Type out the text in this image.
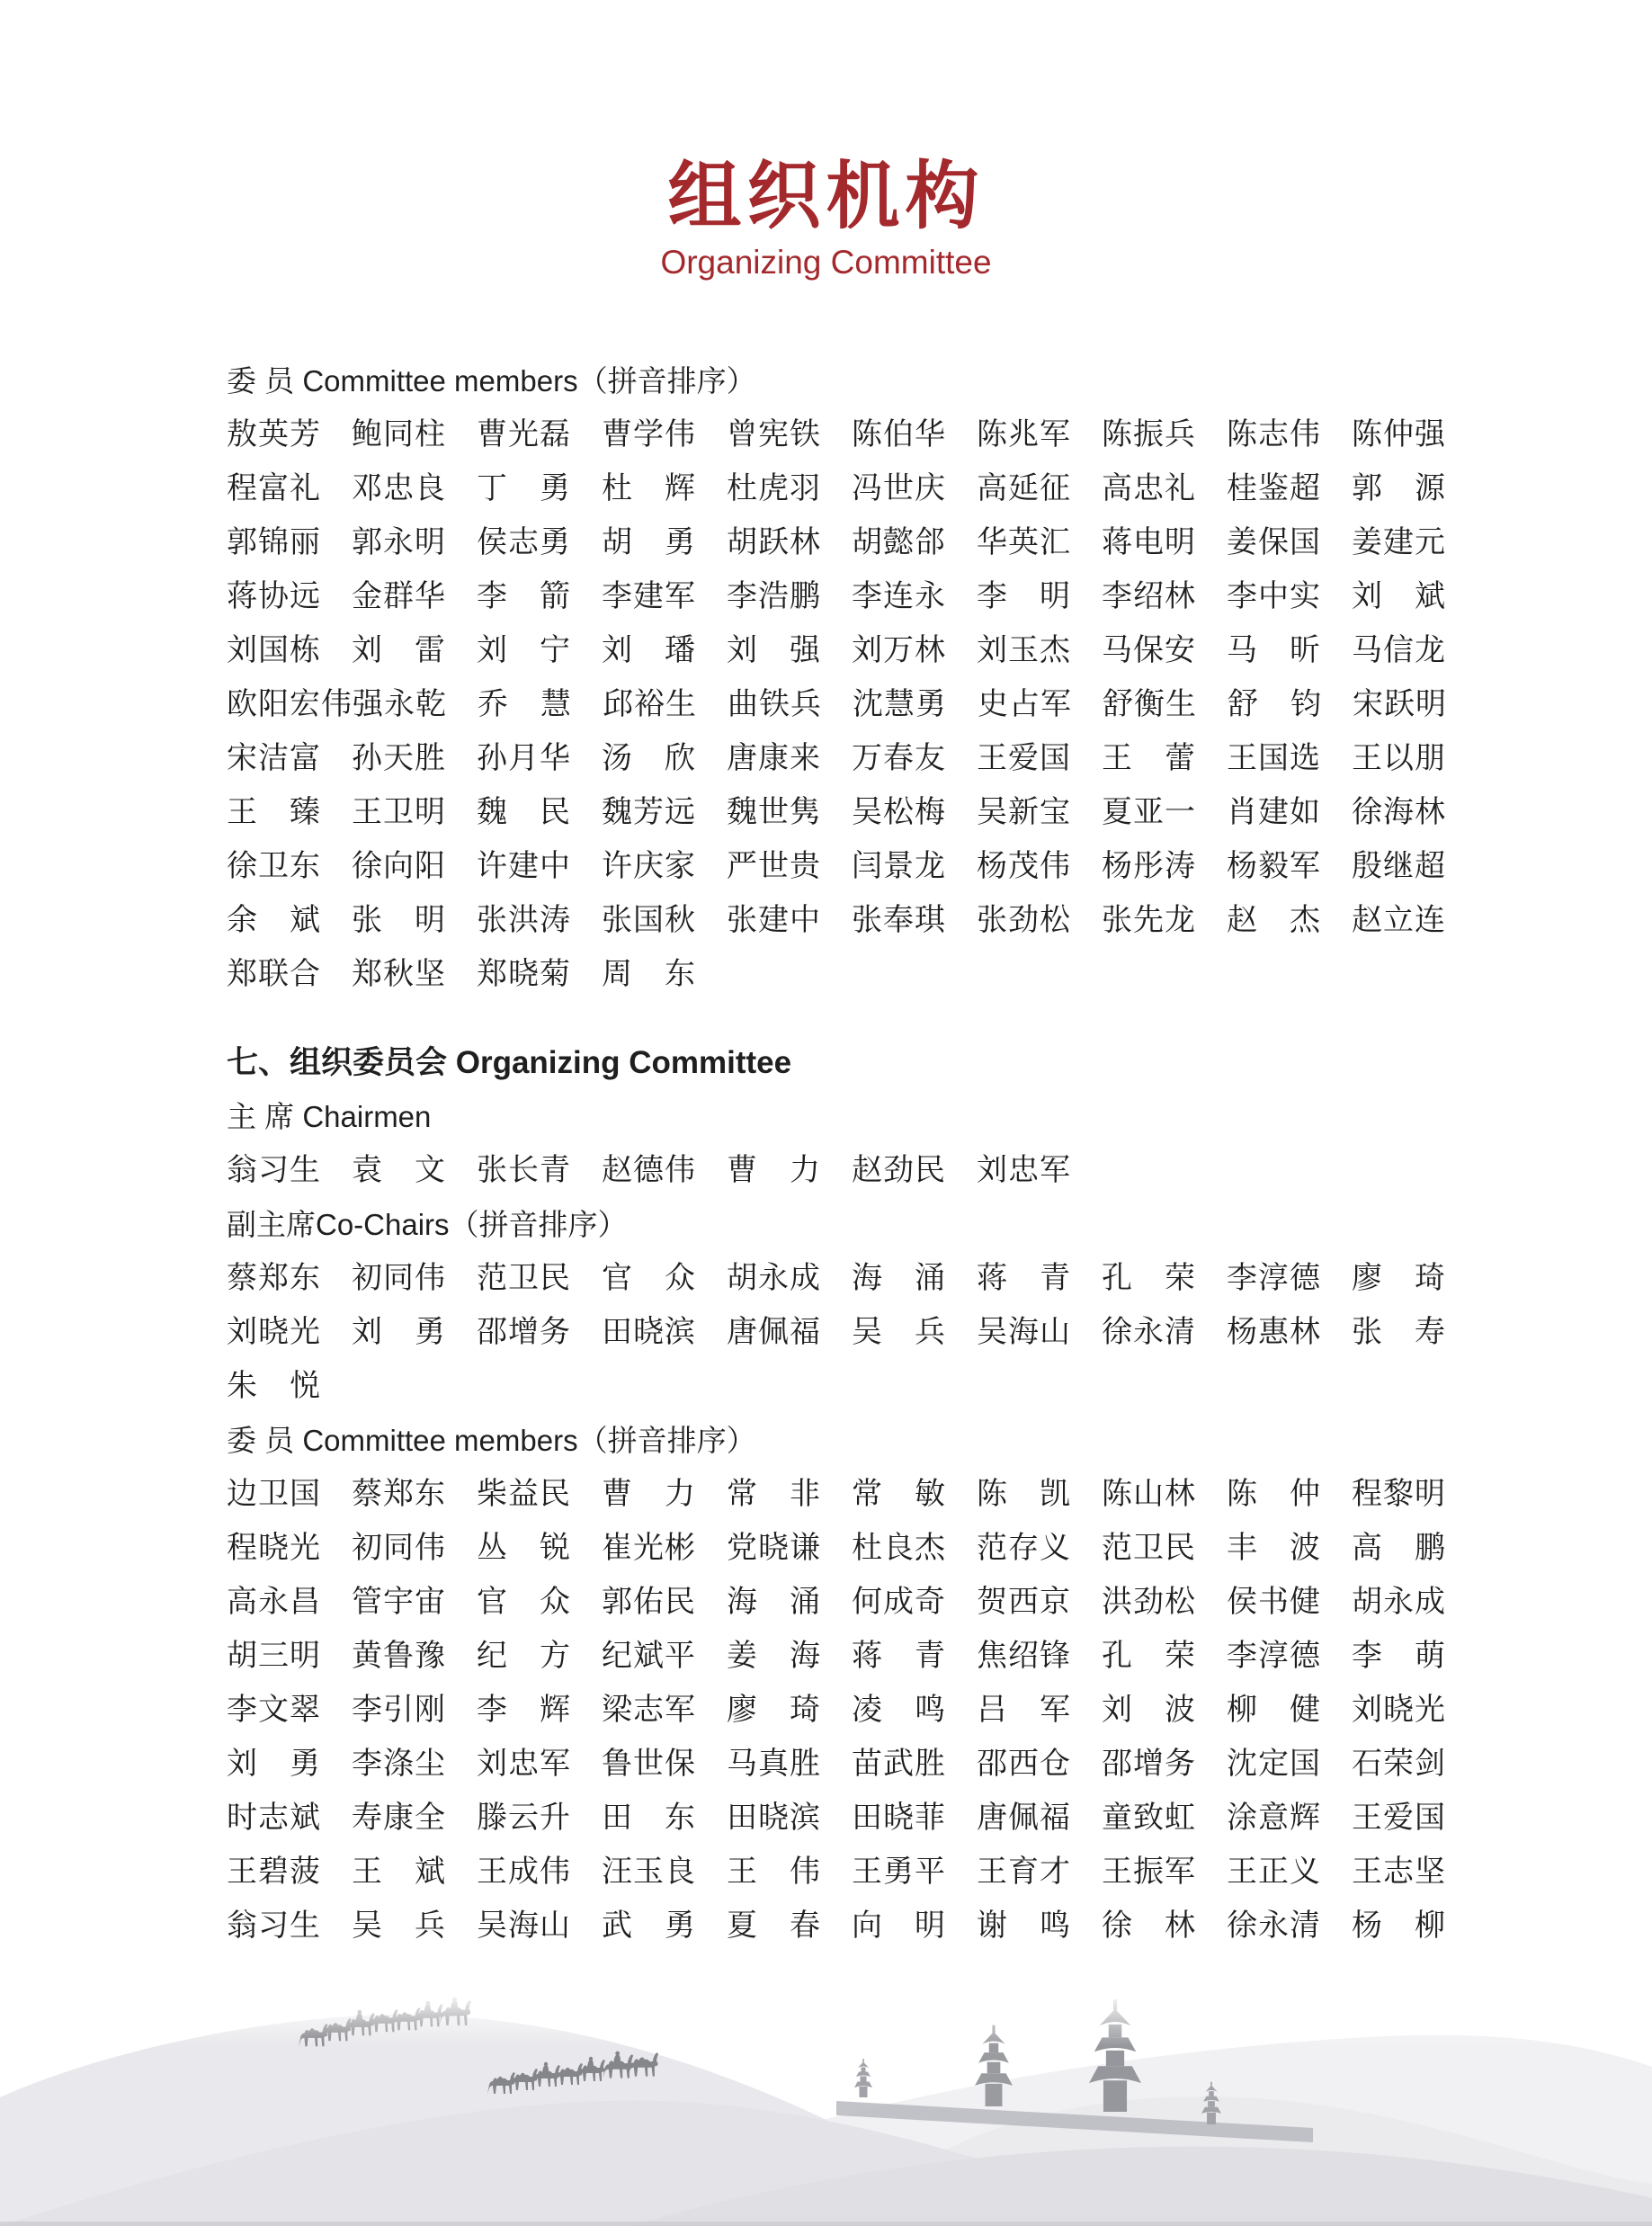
组织机构
Organizing Committee
委 员 Committee members（拼音排序）
敖英芳 鲍同柱 曹光磊 曹学伟 曾宪铁 陈伯华 陈兆军 陈振兵 陈志伟 陈仲强
程富礼 邓忠良 丁　勇 杜　辉 杜虎羽 冯世庆 高延征 高忠礼 桂鉴超 郭　源
郭锦丽 郭永明 侯志勇 胡　勇 胡跃林 胡懿郃 华英汇 蒋电明 姜保国 姜建元
蒋协远 金群华 李　箭 李建军 李浩鹏 李连永 李　明 李绍林 李中实 刘　斌
刘国栋 刘　雷 刘　宁 刘　璠 刘　强 刘万林 刘玉杰 马保安 马　昕 马信龙
欧阳宏伟强永乾 乔　慧 邱裕生 曲铁兵 沈慧勇 史占军 舒衡生 舒　钧 宋跃明
宋洁富 孙天胜 孙月华 汤　欣 唐康来 万春友 王爱国 王　蕾 王国选 王以朋
王　臻 王卫明 魏　民 魏芳远 魏世隽 吴松梅 吴新宝 夏亚一 肖建如 徐海林
徐卫东 徐向阳 许建中 许庆家 严世贵 闫景龙 杨茂伟 杨彤涛 杨毅军 殷继超
余　斌 张　明 张洪涛 张国秋 张建中 张奉琪 张劲松 张先龙 赵　杰 赵立连
郑联合 郑秋坚 郑晓菊 周　东
七、组织委员会 Organizing Committee
主 席 Chairmen
翁习生 袁　文 张长青 赵德伟 曹　力 赵劲民 刘忠军
副主席Co-Chairs（拼音排序）
蔡郑东 初同伟 范卫民 官　众 胡永成 海　涌 蒋　青 孔　荣 李淳德 廖　琦
刘晓光 刘　勇 邵增务 田晓滨 唐佩福 吴　兵 吴海山 徐永清 杨惠林 张　寿
朱　悦
委 员 Committee members（拼音排序）
边卫国 蔡郑东 柴益民 曹　力 常　非 常　敏 陈　凯 陈山林 陈　仲 程黎明
程晓光 初同伟 丛　锐 崔光彬 党晓谦 杜良杰 范存义 范卫民 丰　波 高　鹏
高永昌 管宇宙 官　众 郭佑民 海　涌 何成奇 贺西京 洪劲松 侯书健 胡永成
胡三明 黄鲁豫 纪　方 纪斌平 姜　海 蒋　青 焦绍锋 孔　荣 李淳德 李　萌
李文翠 李引刚 李　辉 梁志军 廖　琦 凌　鸣 吕　军 刘　波 柳　健 刘晓光
刘　勇 李涤尘 刘忠军 鲁世保 马真胜 苗武胜 邵西仓 邵增务 沈定国 石荣剑
时志斌 寿康全 滕云升 田　东 田晓滨 田晓菲 唐佩福 童致虹 涂意辉 王爱国
王碧菠 王　斌 王成伟 汪玉良 王　伟 王勇平 王育才 王振军 王正义 王志坚
翁习生 吴　兵 吴海山 武　勇 夏　春 向　明 谢　鸣 徐　林 徐永清 杨　柳
